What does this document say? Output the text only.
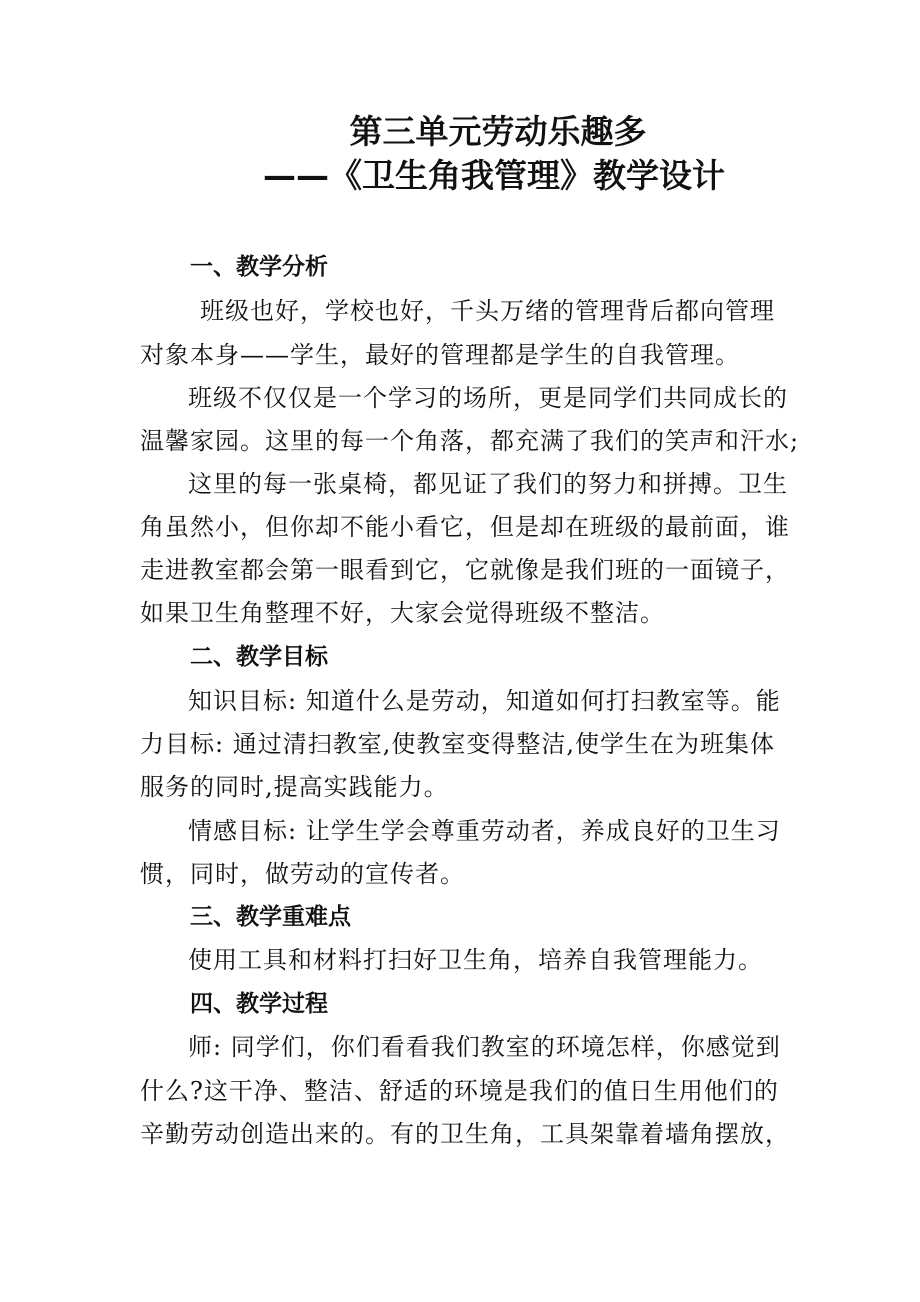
第三单元劳动乐趣多
——《卫生角我管理》教学设计
一、教学分析
班级也好，学校也好，千头万绪的管理背后都向管理
对象本身——学生，最好的管理都是学生的自我管理。
班级不仅仅是一个学习的场所，更是同学们共同成长的
温馨家园。这里的每一个角落，都充满了我们的笑声和汗水;
这里的每一张桌椅，都见证了我们的努力和拼搏。卫生
角虽然小，但你却不能小看它，但是却在班级的最前面，谁
走进教室都会第一眼看到它，它就像是我们班的一面镜子，
如果卫生角整理不好，大家会觉得班级不整洁。
二、教学目标
知识目标: 知道什么是劳动，知道如何打扫教室等。能
力目标: 通过清扫教室,使教室变得整洁,使学生在为班集体
服务的同时,提高实践能力。
情感目标: 让学生学会尊重劳动者，养成良好的卫生习
惯，同时，做劳动的宣传者。
三、教学重难点
使用工具和材料打扫好卫生角，培养自我管理能力。
四、教学过程
师: 同学们，你们看看我们教室的环境怎样，你感觉到
什么?这干净、整洁、舒适的环境是我们的值日生用他们的
辛勤劳动创造出来的。有的卫生角，工具架靠着墙角摆放，
